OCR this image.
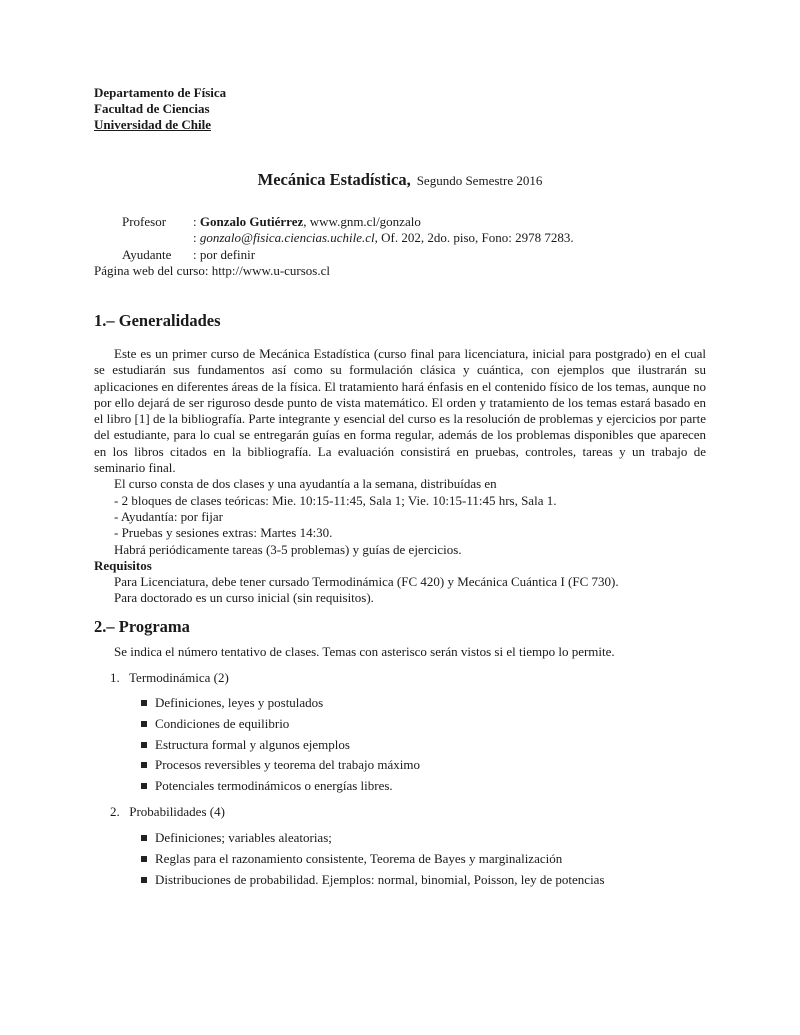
Departamento de Física
Facultad de Ciencias
Universidad de Chile
Mecánica Estadística, Segundo Semestre 2016
Profesor : Gonzalo Gutiérrez, www.gnm.cl/gonzalo
: gonzalo@fisica.ciencias.uchile.cl, Of. 202, 2do. piso, Fono: 2978 7283.
Ayudante : por definir
Página web del curso: http://www.u-cursos.cl
1.– Generalidades

Este es un primer curso de Mecánica Estadística (curso final para licenciatura, inicial para postgrado) en el cual se estudiarán sus fundamentos así como su formulación clásica y cuántica, con ejemplos que ilustrarán su aplicaciones en diferentes áreas de la física. El tratamiento hará énfasis en el contenido físico de los temas, aunque no por ello dejará de ser riguroso desde punto de vista matemático. El orden y tratamiento de los temas estará basado en el libro [1] de la bibliografía. Parte integrante y esencial del curso es la resolución de problemas y ejercicios por parte del estudiante, para lo cual se entregarán guías en forma regular, además de los problemas disponibles que aparecen en los libros citados en la bibliografía. La evaluación consistirá en pruebas, controles, tareas y un trabajo de seminario final.

El curso consta de dos clases y una ayudantía a la semana, distribuídas en
- 2 bloques de clases teóricas: Mie. 10:15-11:45, Sala 1; Vie. 10:15-11:45 hrs, Sala 1.
- Ayudantía: por fijar
- Pruebas y sesiones extras: Martes 14:30.
Habrá periódicamente tareas (3-5 problemas) y guías de ejercicios.
Requisitos
Para Licenciatura, debe tener cursado Termodinámica (FC 420) y Mecánica Cuántica I (FC 730).
Para doctorado es un curso inicial (sin requisitos).
2.– Programa
Se indica el número tentativo de clases. Temas con asterisco serán vistos si el tiempo lo permite.
1. Termodinámica (2)
Definiciones, leyes y postulados
Condiciones de equilibrio
Estructura formal y algunos ejemplos
Procesos reversibles y teorema del trabajo máximo
Potenciales termodinámicos o energías libres.
2. Probabilidades (4)
Definiciones; variables aleatorias;
Reglas para el razonamiento consistente, Teorema de Bayes y marginalización
Distribuciones de probabilidad. Ejemplos: normal, binomial, Poisson, ley de potencias
